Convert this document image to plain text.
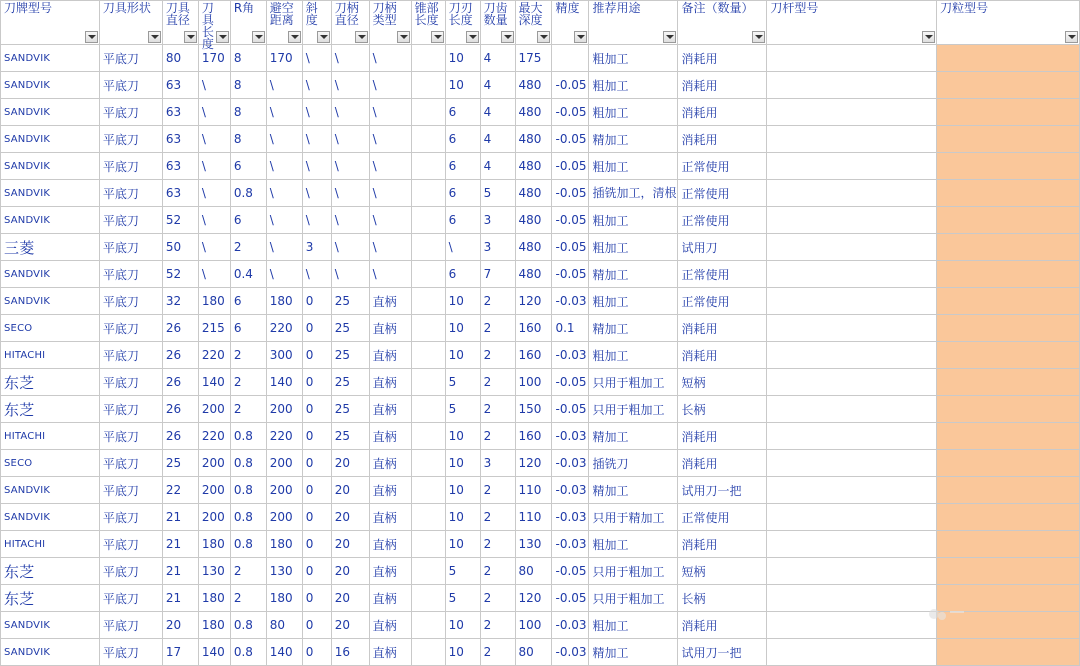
刀牌型号	刀具形状	刀具直径	刀具长度	R角	避空距离	斜度	刀柄直径	刀柄类型	锥部长度	刀刃长度	刀齿数量	最大深度	精度	推荐用途	备注（数量）	刀杆型号	刀粒型号

SANDVIK	平底刀	80	170	8	170	\	\	\		10	4	175		粗加工	消耗用		
SANDVIK	平底刀	63	\	8	\	\	\	\		10	4	480	-0.05	粗加工	消耗用		
SANDVIK	平底刀	63	\	8	\	\	\	\		6	4	480	-0.05	粗加工	消耗用		
SANDVIK	平底刀	63	\	8	\	\	\	\		6	4	480	-0.05	精加工	消耗用		
SANDVIK	平底刀	63	\	6	\	\	\	\		6	4	480	-0.05	粗加工	正常使用		
SANDVIK	平底刀	63	\	0.8	\	\	\	\		6	5	480	-0.05	插铣加工，清根	正常使用		
SANDVIK	平底刀	52	\	6	\	\	\	\		6	3	480	-0.05	粗加工	正常使用		
三菱	平底刀	50	\	2	\	3	\	\		\	3	480	-0.05	粗加工	试用刀		
SANDVIK	平底刀	52	\	0.4	\	\	\	\		6	7	480	-0.05	精加工	正常使用		
SANDVIK	平底刀	32	180	6	180	0	25	直柄		10	2	120	-0.03	粗加工	正常使用		
SECO	平底刀	26	215	6	220	0	25	直柄		10	2	160	0.1	精加工	消耗用		
HITACHI	平底刀	26	220	2	300	0	25	直柄		10	2	160	-0.03	粗加工	消耗用		
东芝	平底刀	26	140	2	140	0	25	直柄		5	2	100	-0.05	只用于粗加工	短柄		
东芝	平底刀	26	200	2	200	0	25	直柄		5	2	150	-0.05	只用于粗加工	长柄		
HITACHI	平底刀	26	220	0.8	220	0	25	直柄		10	2	160	-0.03	精加工	消耗用		
SECO	平底刀	25	200	0.8	200	0	20	直柄		10	3	120	-0.03	插铣刀	消耗用		
SANDVIK	平底刀	22	200	0.8	200	0	20	直柄		10	2	110	-0.03	精加工	试用刀一把		
SANDVIK	平底刀	21	200	0.8	200	0	20	直柄		10	2	110	-0.03	只用于精加工	正常使用		
HITACHI	平底刀	21	180	0.8	180	0	20	直柄		10	2	130	-0.03	粗加工	消耗用		
东芝	平底刀	21	130	2	130	0	20	直柄		5	2	80	-0.05	只用于粗加工	短柄		
东芝	平底刀	21	180	2	180	0	20	直柄		5	2	120	-0.05	只用于粗加工	长柄		
SANDVIK	平底刀	20	180	0.8	80	0	20	直柄		10	2	100	-0.03	粗加工	消耗用		
SANDVIK	平底刀	17	140	0.8	140	0	16	直柄		10	2	80	-0.03	精加工	试用刀一把		
